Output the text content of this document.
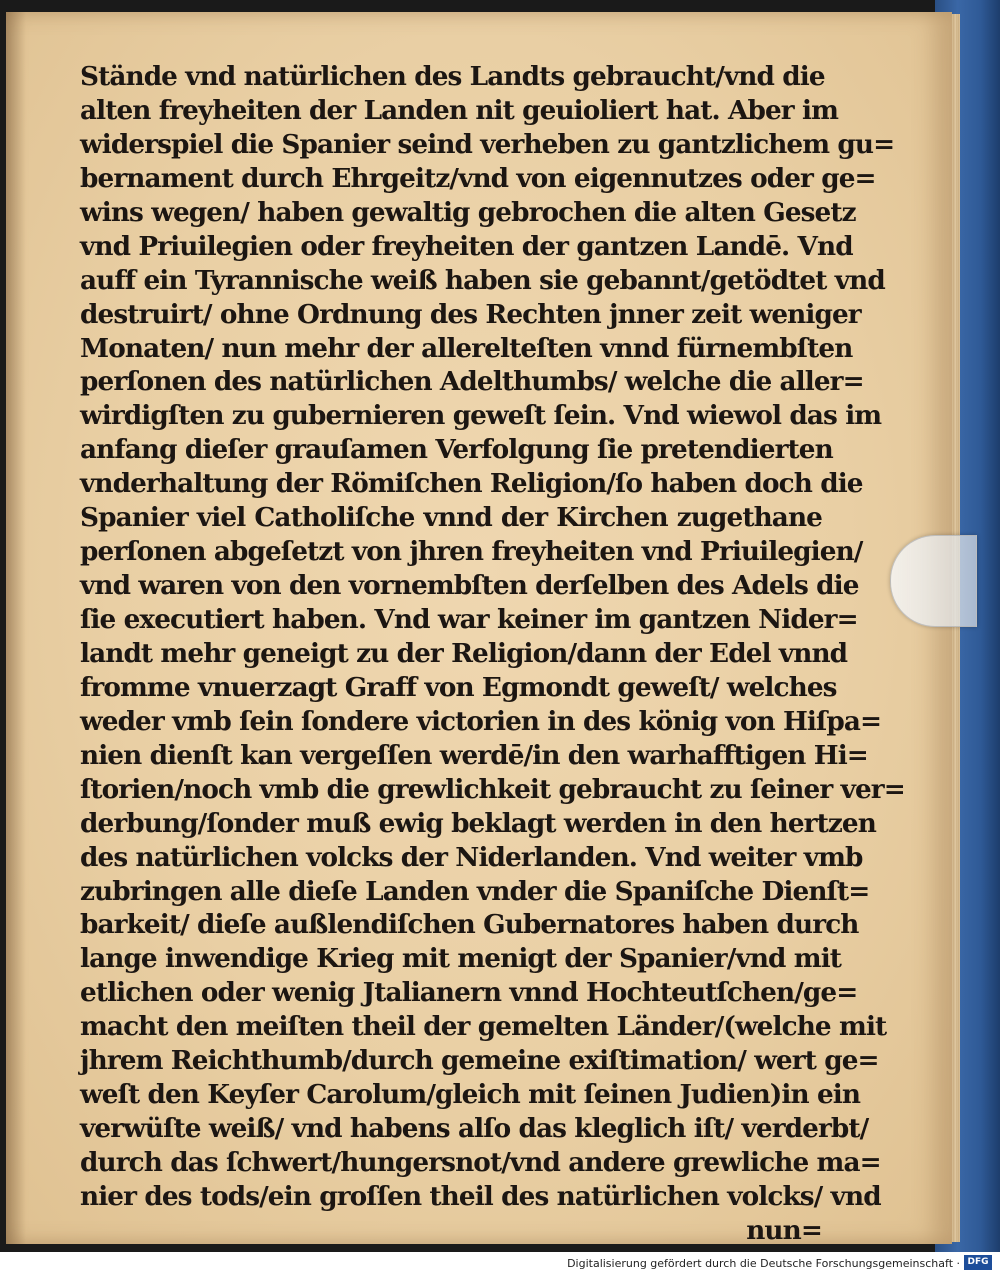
Stände vnd natürlichen des Landts gebraucht/vnd die
alten freyheiten der Landen nit geuioliert hat. Aber im
widerspiel die Spanier seind verheben zu gantzlichem gu=
bernament durch Ehrgeitz/vnd von eigennutzes oder ge=
wins wegen/ haben gewaltig gebrochen die alten Gesetz
vnd Priuilegien oder freyheiten der gantzen Landē. Vnd
auff ein Tyrannische weiß haben sie gebannt/getödtet vnd
destruirt/ ohne Ordnung des Rechten jnner zeit weniger
Monaten/ nun mehr der allerelteſten vnnd fürnembſten
perſonen des natürlichen Adelthumbs/ welche die aller=
wirdigſten zu gubernieren geweſt ſein. Vnd wiewol das im
anfang dieſer grauſamen Verfolgung ſie pretendierten
vnderhaltung der Römiſchen Religion/ſo haben doch die
Spanier viel Catholiſche vnnd der Kirchen zugethane
perſonen abgeſetzt von jhren freyheiten vnd Priuilegien/
vnd waren von den vornembſten derſelben des Adels die
ſie executiert haben. Vnd war keiner im gantzen Nider=
landt mehr geneigt zu der Religion/dann der Edel vnnd
fromme vnuerzagt Graff von Egmondt geweſt/ welches
weder vmb ſein ſondere victorien in des könig von Hiſpa=
nien dienſt kan vergeſſen werdē/in den warhafftigen Hi=
ſtorien/noch vmb die grewlichkeit gebraucht zu ſeiner ver=
derbung/ſonder muß ewig beklagt werden in den hertzen
des natürlichen volcks der Niderlanden. Vnd weiter vmb
zubringen alle dieſe Landen vnder die Spaniſche Dienſt=
barkeit/ dieſe außlendiſchen Gubernatores haben durch
lange inwendige Krieg mit menigt der Spanier/vnd mit
etlichen oder wenig Jtalianern vnnd Hochteutſchen/ge=
macht den meiſten theil der gemelten Länder/(welche mit
jhrem Reichthumb/durch gemeine exiſtimation/ wert ge=
weſt den Keyſer Carolum/gleich mit ſeinen Judien)in ein
verwüſte weiß/ vnd habens alſo das kleglich iſt/ verderbt/
durch das ſchwert/hungersnot/vnd andere grewliche ma=
nier des tods/ein groſſen theil des natürlichen volcks/ vnd
nun=
Digitalisierung gefördert durch die Deutsche Forschungsgemeinschaft · DFG
